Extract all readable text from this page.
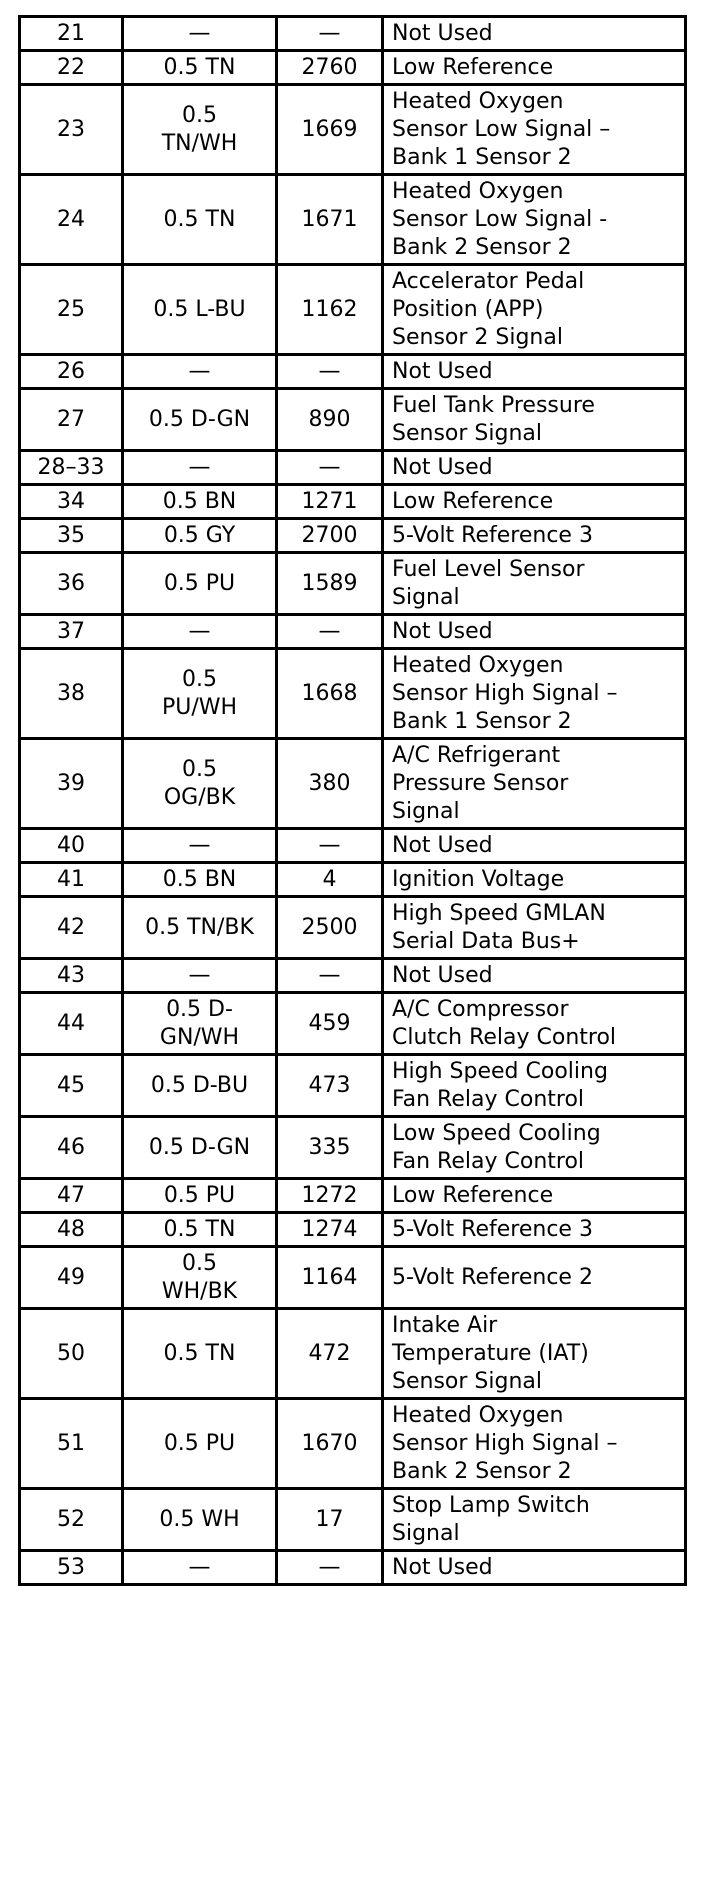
21	—	—	Not Used
22	0.5 TN	2760	Low Reference
23	0.5
TN/WH	1669	Heated Oxygen
Sensor Low Signal –
Bank 1 Sensor 2
24	0.5 TN	1671	Heated Oxygen
Sensor Low Signal -
Bank 2 Sensor 2
25	0.5 L-BU	1162	Accelerator Pedal
Position (APP)
Sensor 2 Signal
26	—	—	Not Used
27	0.5 D-GN	890	Fuel Tank Pressure
Sensor Signal
28–33	—	—	Not Used
34	0.5 BN	1271	Low Reference
35	0.5 GY	2700	5-Volt Reference 3
36	0.5 PU	1589	Fuel Level Sensor
Signal
37	—	—	Not Used
38	0.5
PU/WH	1668	Heated Oxygen
Sensor High Signal –
Bank 1 Sensor 2
39	0.5
OG/BK	380	A/C Refrigerant
Pressure Sensor
Signal
40	—	—	Not Used
41	0.5 BN	4	Ignition Voltage
42	0.5 TN/BK	2500	High Speed GMLAN
Serial Data Bus+
43	—	—	Not Used
44	0.5 D-
GN/WH	459	A/C Compressor
Clutch Relay Control
45	0.5 D-BU	473	High Speed Cooling
Fan Relay Control
46	0.5 D-GN	335	Low Speed Cooling
Fan Relay Control
47	0.5 PU	1272	Low Reference
48	0.5 TN	1274	5-Volt Reference 3
49	0.5
WH/BK	1164	5-Volt Reference 2
50	0.5 TN	472	Intake Air
Temperature (IAT)
Sensor Signal
51	0.5 PU	1670	Heated Oxygen
Sensor High Signal –
Bank 2 Sensor 2
52	0.5 WH	17	Stop Lamp Switch
Signal
53	—	—	Not Used
